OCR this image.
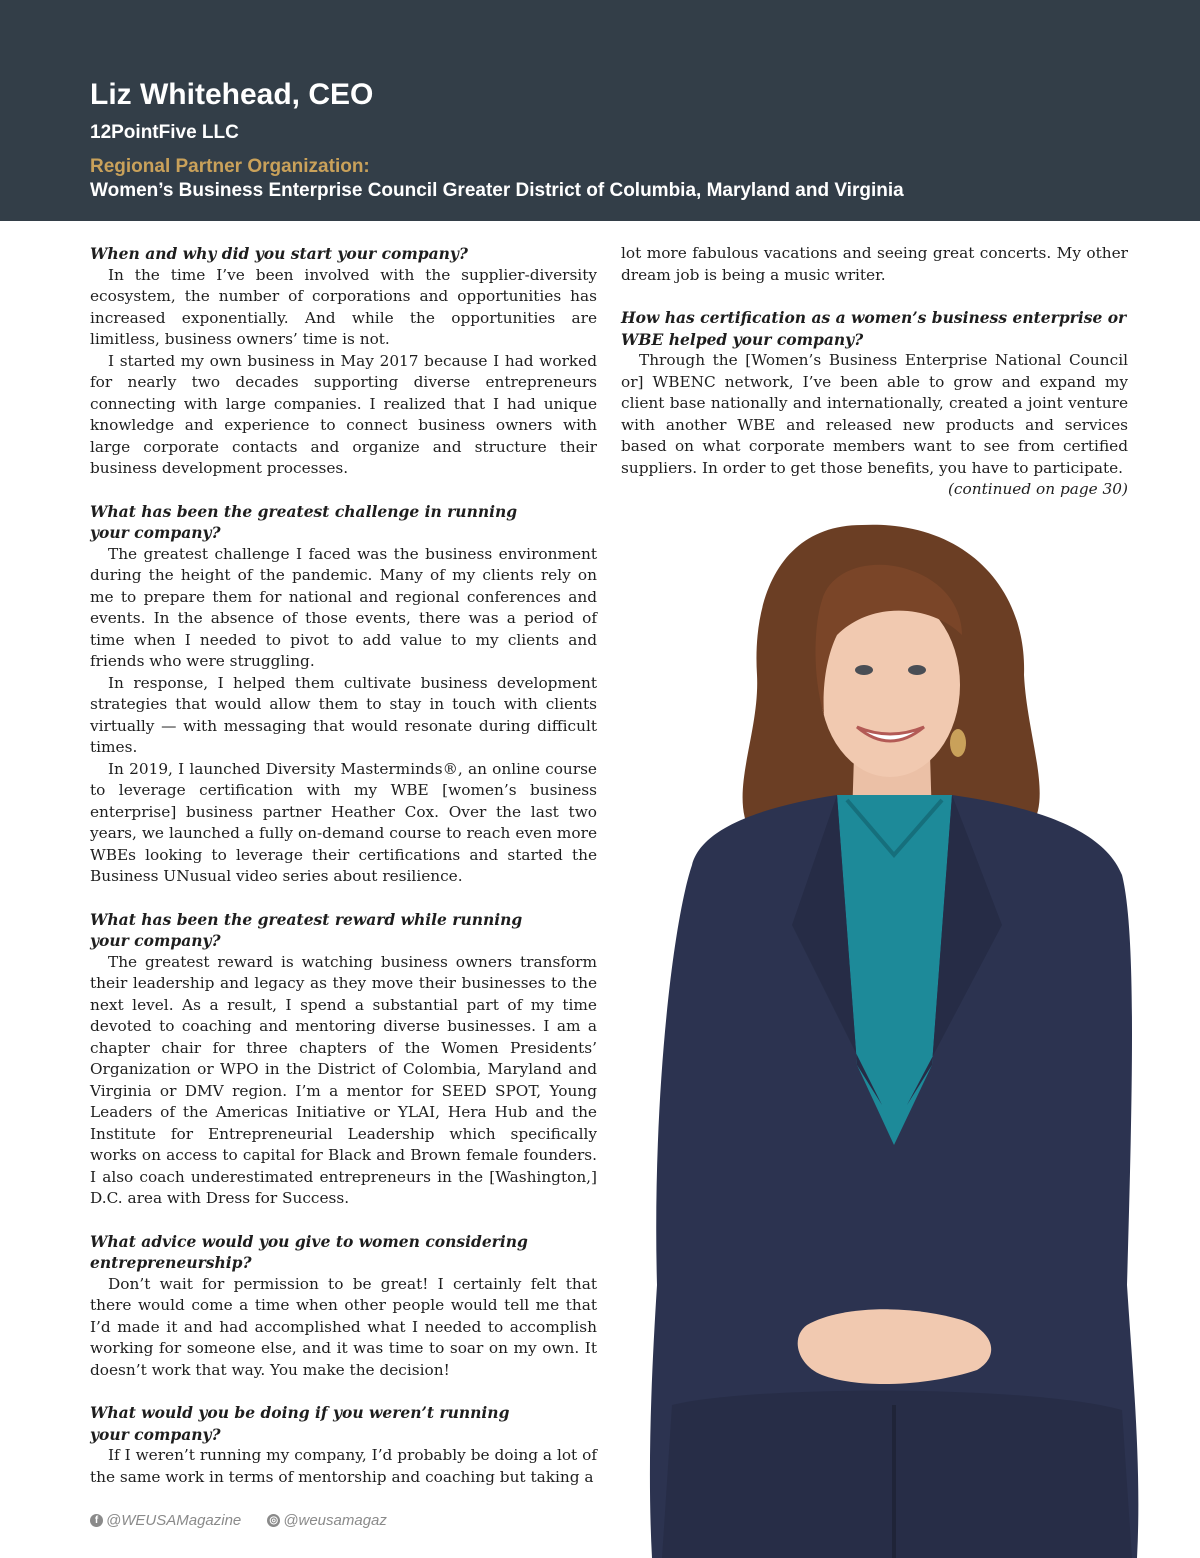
Liz Whitehead, CEO
12PointFive LLC
Regional Partner Organization:
Women’s Business Enterprise Council Greater District of Columbia, Maryland and Virginia
When and why did you start your company?

In the time I’ve been involved with the supplier-diversity ecosystem, the number of corporations and opportunities has increased exponentially. And while the opportunities are limitless, business owners’ time is not.

I started my own business in May 2017 because I had worked for nearly two decades supporting diverse entrepreneurs connecting with large companies. I realized that I had unique knowledge and experience to connect business owners with large corporate contacts and organize and structure their business development processes.

What has been the greatest challenge in running your company?

The greatest challenge I faced was the business environment during the height of the pandemic. Many of my clients rely on me to prepare them for national and regional conferences and events. In the absence of those events, there was a period of time when I needed to pivot to add value to my clients and friends who were struggling.

In response, I helped them cultivate business development strategies that would allow them to stay in touch with clients virtually — with messaging that would resonate during difficult times.

In 2019, I launched Diversity Masterminds®, an online course to leverage certification with my WBE [women’s business enterprise] business partner Heather Cox. Over the last two years, we launched a fully on-demand course to reach even more WBEs looking to leverage their certifications and started the Business UNusual video series about resilience.

What has been the greatest reward while running your company?

The greatest reward is watching business owners transform their leadership and legacy as they move their businesses to the next level. As a result, I spend a substantial part of my time devoted to coaching and mentoring diverse businesses. I am a chapter chair for three chapters of the Women Presidents’ Organization or WPO in the District of Colombia, Maryland and Virginia or DMV region. I’m a mentor for SEED SPOT, Young Leaders of the Americas Initiative or YLAI, Hera Hub and the Institute for Entrepreneurial Leadership which specifically works on access to capital for Black and Brown female founders. I also coach underestimated entrepreneurs in the [Washington,] D.C. area with Dress for Success.

What advice would you give to women considering entrepreneurship?

Don’t wait for permission to be great! I certainly felt that there would come a time when other people would tell me that I’d made it and had accomplished what I needed to accomplish working for someone else, and it was time to soar on my own. It doesn’t work that way. You make the decision!

What would you be doing if you weren’t running your company?

If I weren’t running my company, I’d probably be doing a lot of the same work in terms of mentorship and coaching but taking a

lot more fabulous vacations and seeing great concerts. My other dream job is being a music writer.

How has certification as a women’s business enterprise or WBE helped your company?

Through the [Women’s Business Enterprise National Council or] WBENC network, I’ve been able to grow and expand my client base nationally and internationally, created a joint venture with another WBE and released new products and services based on what corporate members want to see from certified suppliers. In order to get those benefits, you have to participate.

(continued on page 30)

f @WEUSAMagazine	◎ @weusamagaz
